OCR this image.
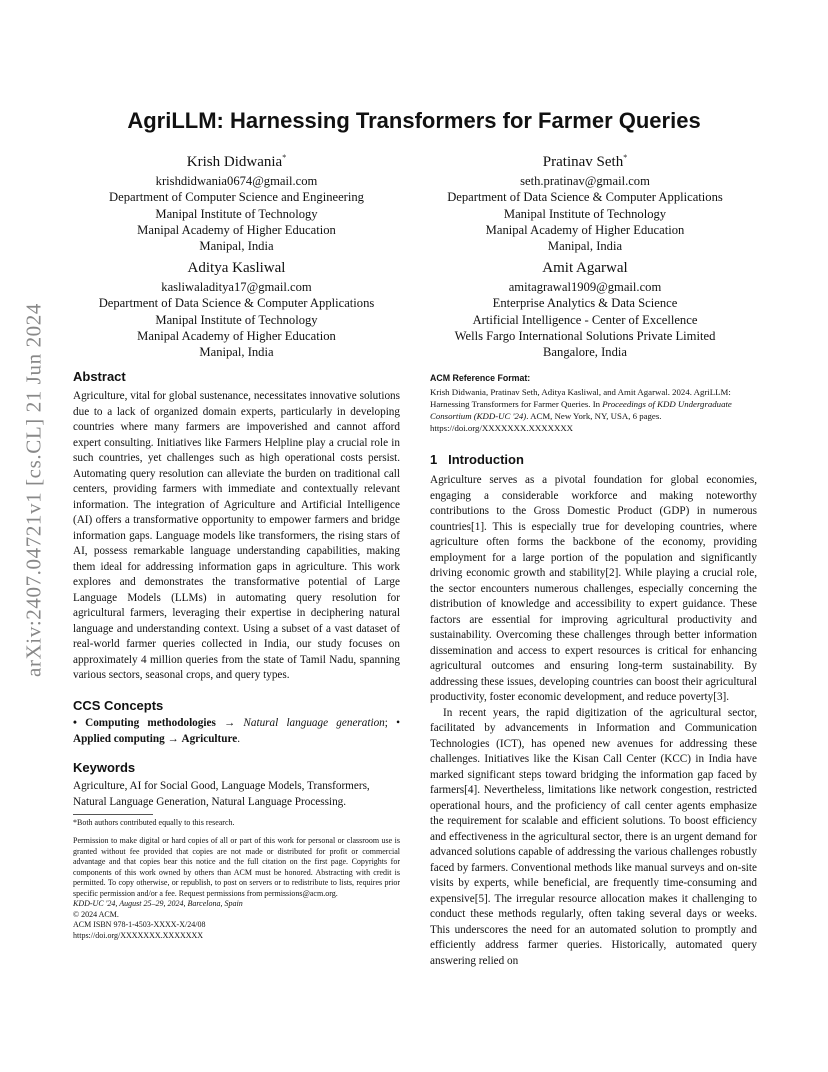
arXiv:2407.04721v1 [cs.CL] 21 Jun 2024
AgriLLM: Harnessing Transformers for Farmer Queries
Krish Didwania*
krishdidwania0674@gmail.com
Department of Computer Science and Engineering
Manipal Institute of Technology
Manipal Academy of Higher Education
Manipal, India
Pratinav Seth*
seth.pratinav@gmail.com
Department of Data Science & Computer Applications
Manipal Institute of Technology
Manipal Academy of Higher Education
Manipal, India
Aditya Kasliwal
kasliwaladitya17@gmail.com
Department of Data Science & Computer Applications
Manipal Institute of Technology
Manipal Academy of Higher Education
Manipal, India
Amit Agarwal
amitagrawal1909@gmail.com
Enterprise Analytics & Data Science
Artificial Intelligence - Center of Excellence
Wells Fargo International Solutions Private Limited
Bangalore, India
Abstract
Agriculture, vital for global sustenance, necessitates innovative solutions due to a lack of organized domain experts, particularly in developing countries where many farmers are impoverished and cannot afford expert consulting. Initiatives like Farmers Helpline play a crucial role in such countries, yet challenges such as high operational costs persist. Automating query resolution can alleviate the burden on traditional call centers, providing farmers with immediate and contextually relevant information. The integration of Agriculture and Artificial Intelligence (AI) offers a transformative opportunity to empower farmers and bridge information gaps. Language models like transformers, the rising stars of AI, possess remarkable language understanding capabilities, making them ideal for addressing information gaps in agriculture. This work explores and demonstrates the transformative potential of Large Language Models (LLMs) in automating query resolution for agricultural farmers, leveraging their expertise in deciphering natural language and understanding context. Using a subset of a vast dataset of real-world farmer queries collected in India, our study focuses on approximately 4 million queries from the state of Tamil Nadu, spanning various sectors, seasonal crops, and query types.
CCS Concepts
• Computing methodologies → Natural language generation; • Applied computing → Agriculture.
Keywords
Agriculture, AI for Social Good, Language Models, Transformers, Natural Language Generation, Natural Language Processing.
*Both authors contributed equally to this research.
Permission to make digital or hard copies of all or part of this work for personal or classroom use is granted without fee provided that copies are not made or distributed for profit or commercial advantage and that copies bear this notice and the full citation on the first page. Copyrights for components of this work owned by others than ACM must be honored. Abstracting with credit is permitted. To copy otherwise, or republish, to post on servers or to redistribute to lists, requires prior specific permission and/or a fee. Request permissions from permissions@acm.org.
KDD-UC '24, August 25–29, 2024, Barcelona, Spain
© 2024 ACM.
ACM ISBN 978-1-4503-XXXX-X/24/08
https://doi.org/XXXXXXX.XXXXXXX
ACM Reference Format:
Krish Didwania, Pratinav Seth, Aditya Kasliwal, and Amit Agarwal. 2024. AgriLLM: Harnessing Transformers for Farmer Queries. In Proceedings of KDD Undergraduate Consortium (KDD-UC '24). ACM, New York, NY, USA, 6 pages. https://doi.org/XXXXXXX.XXXXXXX
1 Introduction

Agriculture serves as a pivotal foundation for global economies, engaging a considerable workforce and making noteworthy contributions to the Gross Domestic Product (GDP) in numerous countries[1]. This is especially true for developing countries, where agriculture often forms the backbone of the economy, providing employment for a large portion of the population and significantly driving economic growth and stability[2]. While playing a crucial role, the sector encounters numerous challenges, especially concerning the distribution of knowledge and accessibility to expert guidance. These factors are essential for improving agricultural productivity and sustainability. Overcoming these challenges through better information dissemination and access to expert resources is critical for enhancing agricultural outcomes and ensuring long-term sustainability. By addressing these issues, developing countries can boost their agricultural productivity, foster economic development, and reduce poverty[3].

In recent years, the rapid digitization of the agricultural sector, facilitated by advancements in Information and Communication Technologies (ICT), has opened new avenues for addressing these challenges. Initiatives like the Kisan Call Center (KCC) in India have marked significant steps toward bridging the information gap faced by farmers[4]. Nevertheless, limitations like network congestion, restricted operational hours, and the proficiency of call center agents emphasize the requirement for scalable and efficient solutions. To boost efficiency and effectiveness in the agricultural sector, there is an urgent demand for advanced solutions capable of addressing the various challenges robustly faced by farmers. Conventional methods like manual surveys and on-site visits by experts, while beneficial, are frequently time-consuming and expensive[5]. The irregular resource allocation makes it challenging to conduct these methods regularly, often taking several days or weeks. This underscores the need for an automated solution to promptly and efficiently address farmer queries. Historically, automated query answering relied on
